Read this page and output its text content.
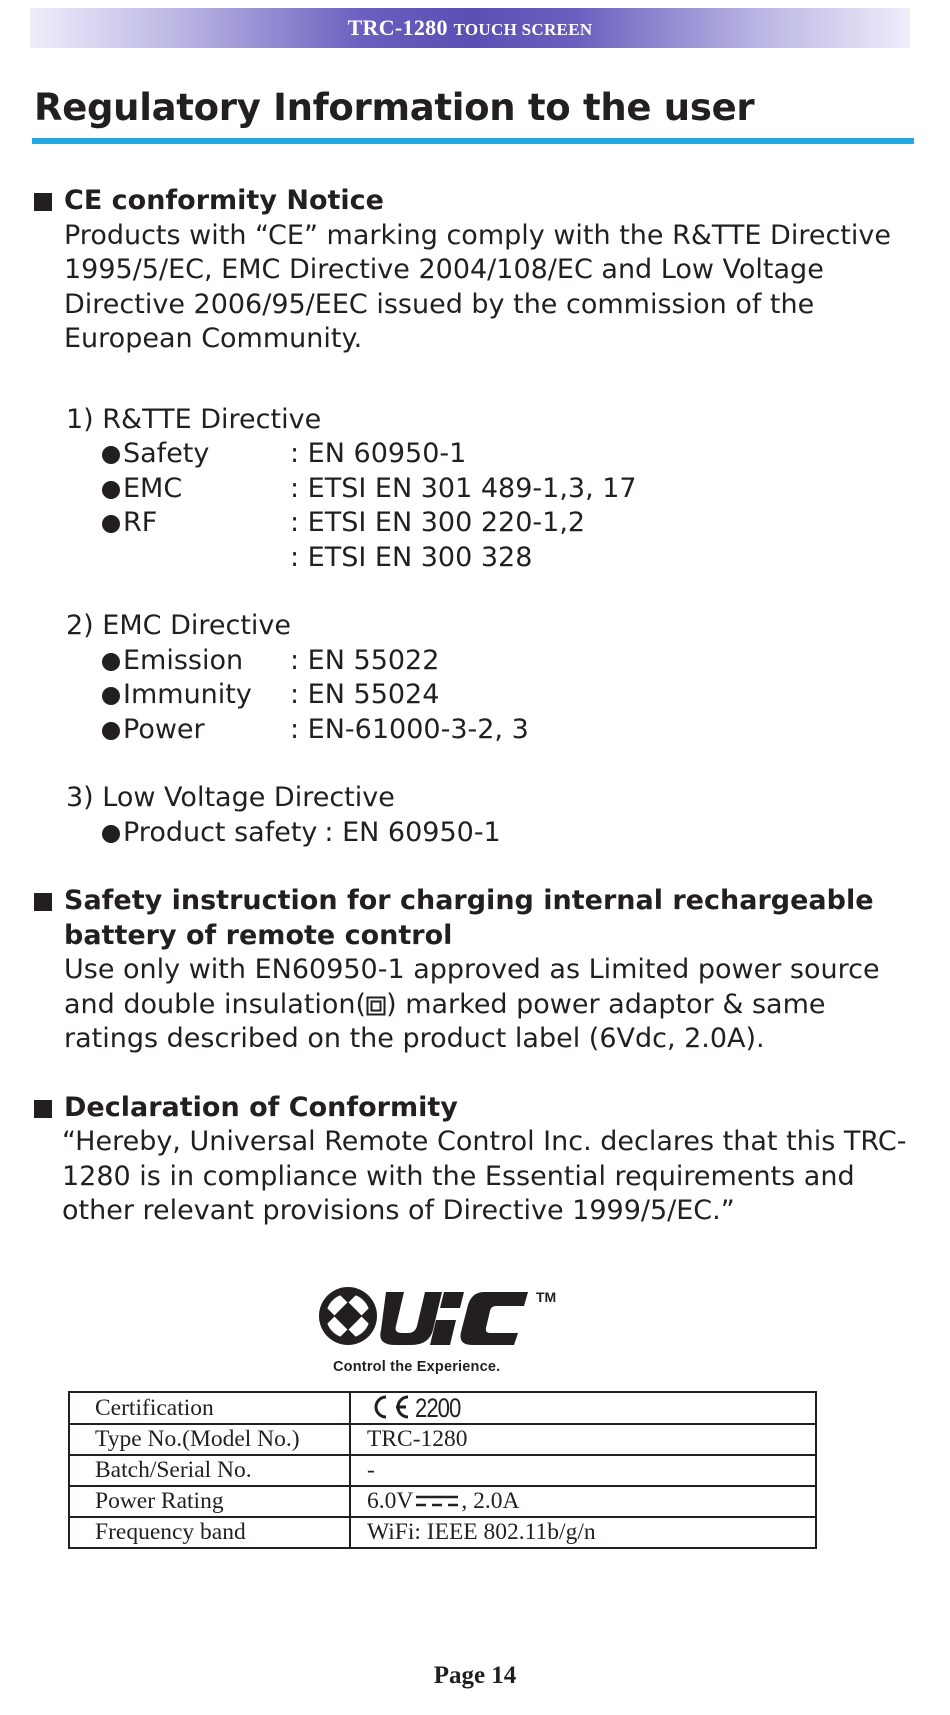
TRC-1280 TOUCH SCREEN
Regulatory Information to the user
CE conformity Notice
Products with “CE” marking comply with the R&TTE Directive 1995/5/EC, EMC Directive 2004/108/EC and Low Voltage Directive 2006/95/EEC issued by the commission of the European Community.
1) R&TTE Directive
Safety	: EN 60950-1
EMC	: ETSI EN 301 489-1,3, 17
RF	: ETSI EN 300 220-1,2
: ETSI EN 300 328
2) EMC Directive
Emission : EN 55022
Immunity : EN 55024
Power	: EN-61000-3-2, 3
3) Low Voltage Directive
Product safety : EN 60950-1
Safety instruction for charging internal rechargeable battery of remote control
Use only with EN60950-1 approved as Limited power source and double insulation( ) marked power adaptor & same ratings described on the product label (6Vdc, 2.0A).
Declaration of Conformity
“Hereby, Universal Remote Control Inc. declares that this TRC-1280 is in compliance with the Essential requirements and other relevant provisions of Directive 1999/5/EC.”
TM
Control the Experience.
Certification	2200
Type No.(Model No.)	TRC-1280
Batch/Serial No.	-
Power Rating	6.0V , 2.0A
Frequency band	WiFi: IEEE 802.11b/g/n
Page 14
